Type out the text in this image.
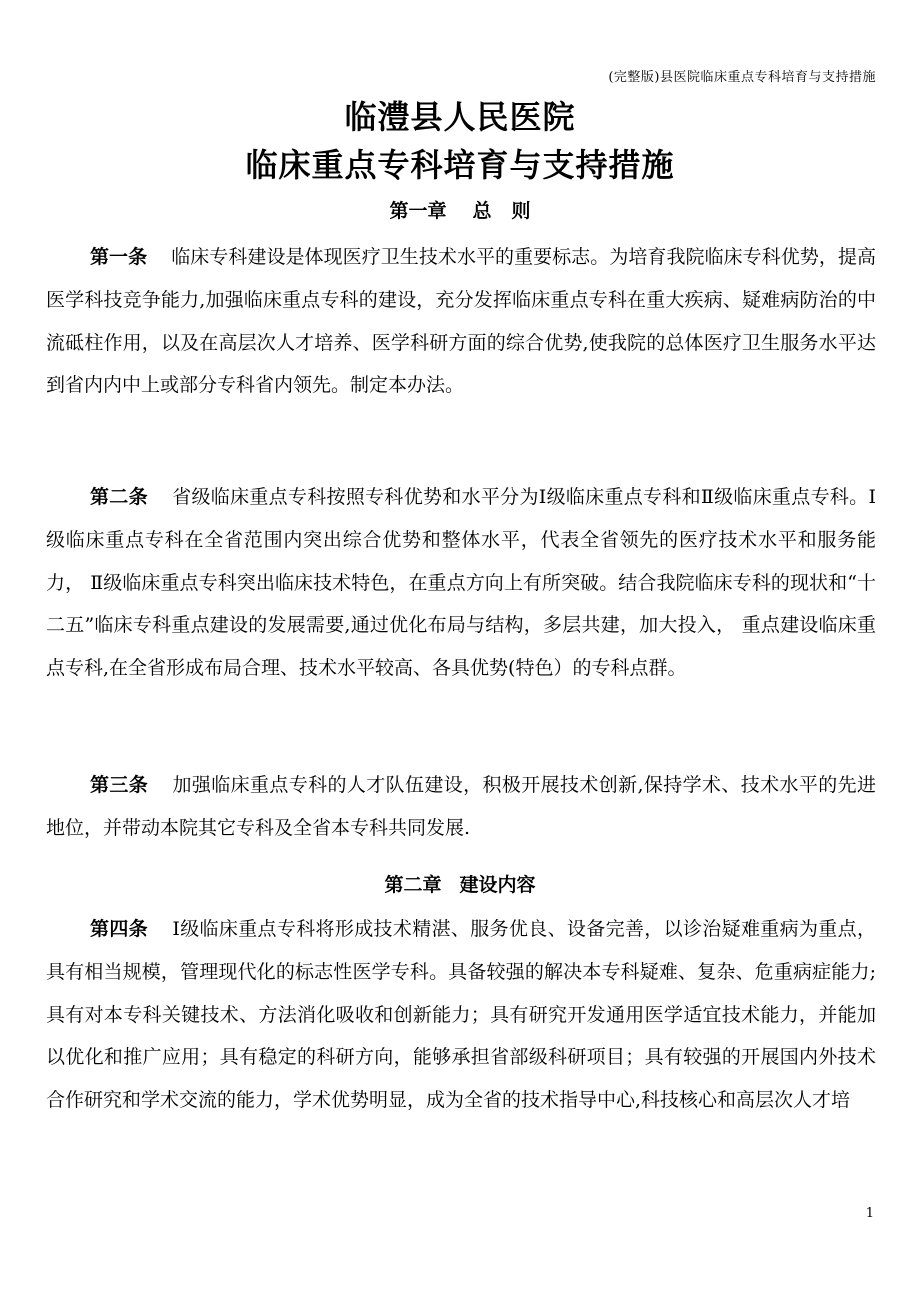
(完整版)县医院临床重点专科培育与支持措施
临澧县人民医院
临床重点专科培育与支持措施
第一章 总则

第一条 临床专科建设是体现医疗卫生技术水平的重要标志。为培育我院临床专科优势，提高医学科技竞争能力,加强临床重点专科的建设，充分发挥临床重点专科在重大疾病、疑难病防治的中流砥柱作用，以及在高层次人才培养、医学科研方面的综合优势,使我院的总体医疗卫生服务水平达到省内内中上或部分专科省内领先。制定本办法。

第二条 省级临床重点专科按照专科优势和水平分为Ⅰ级临床重点专科和Ⅱ级临床重点专科。Ⅰ级临床重点专科在全省范围内突出综合优势和整体水平，代表全省领先的医疗技术水平和服务能力， Ⅱ级临床重点专科突出临床技术特色，在重点方向上有所突破。结合我院临床专科的现状和“十二五”临床专科重点建设的发展需要,通过优化布局与结构，多层共建，加大投入， 重点建设临床重点专科,在全省形成布局合理、技术水平较高、各具优势(特色）的专科点群。

第三条 加强临床重点专科的人才队伍建设，积极开展技术创新,保持学术、技术水平的先进地位，并带动本院其它专科及全省本专科共同发展.

第二章 建设内容

第四条 Ⅰ级临床重点专科将形成技术精湛、服务优良、设备完善，以诊治疑难重病为重点，具有相当规模，管理现代化的标志性医学专科。具备较强的解决本专科疑难、复杂、危重病症能力;具有对本专科关键技术、方法消化吸收和创新能力；具有研究开发通用医学适宜技术能力，并能加以优化和推广应用；具有稳定的科研方向，能够承担省部级科研项目；具有较强的开展国内外技术合作研究和学术交流的能力，学术优势明显，成为全省的技术指导中心,科技核心和高层次人才培

1
